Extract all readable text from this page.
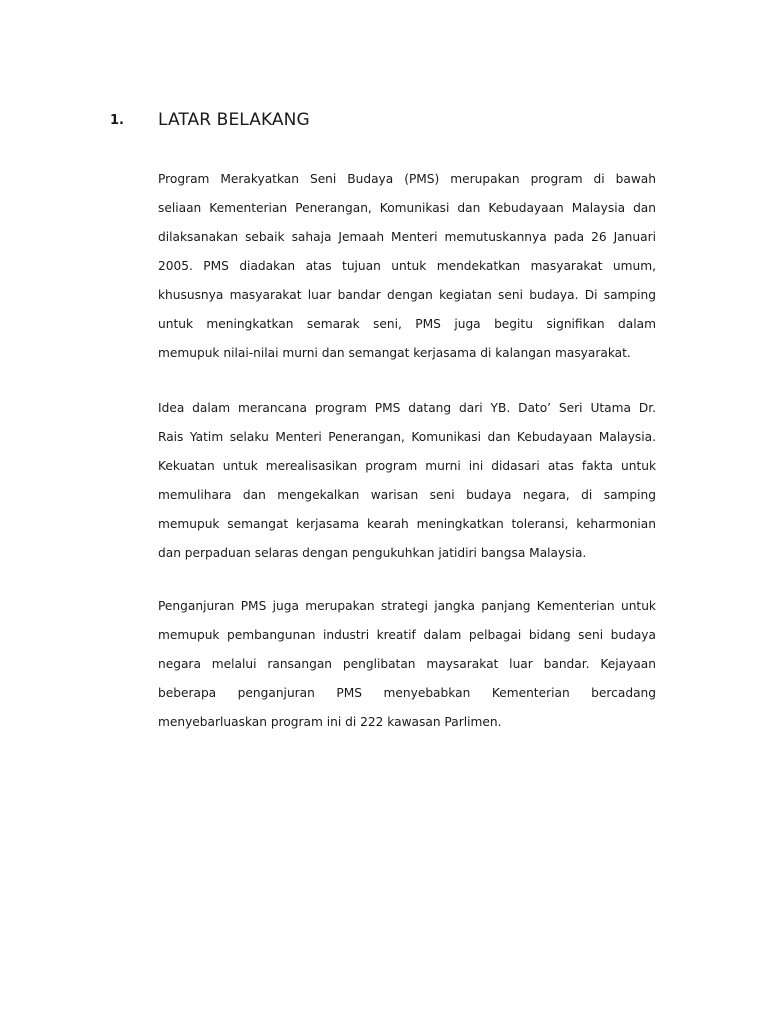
1. LATAR BELAKANG
Program Merakyatkan Seni Budaya (PMS) merupakan program di bawah
seliaan Kementerian Penerangan, Komunikasi dan Kebudayaan Malaysia dan
dilaksanakan sebaik sahaja Jemaah Menteri memutuskannya pada 26 Januari
2005. PMS diadakan atas tujuan untuk mendekatkan masyarakat umum,
khususnya masyarakat luar bandar dengan kegiatan seni budaya. Di samping
untuk meningkatkan semarak seni, PMS juga begitu signifikan dalam
memupuk nilai-nilai murni dan semangat kerjasama di kalangan masyarakat.
Idea dalam merancana program PMS datang dari YB. Dato’ Seri Utama Dr.
Rais Yatim selaku Menteri Penerangan, Komunikasi dan Kebudayaan Malaysia.
Kekuatan untuk merealisasikan program murni ini didasari atas fakta untuk
memulihara dan mengekalkan warisan seni budaya negara, di samping
memupuk semangat kerjasama kearah meningkatkan toleransi, keharmonian
dan perpaduan selaras dengan pengukuhkan jatidiri bangsa Malaysia.
Penganjuran PMS juga merupakan strategi jangka panjang Kementerian untuk
memupuk pembangunan industri kreatif dalam pelbagai bidang seni budaya
negara melalui ransangan penglibatan maysarakat luar bandar. Kejayaan
beberapa penganjuran PMS menyebabkan Kementerian bercadang
menyebarluaskan program ini di 222 kawasan Parlimen.
